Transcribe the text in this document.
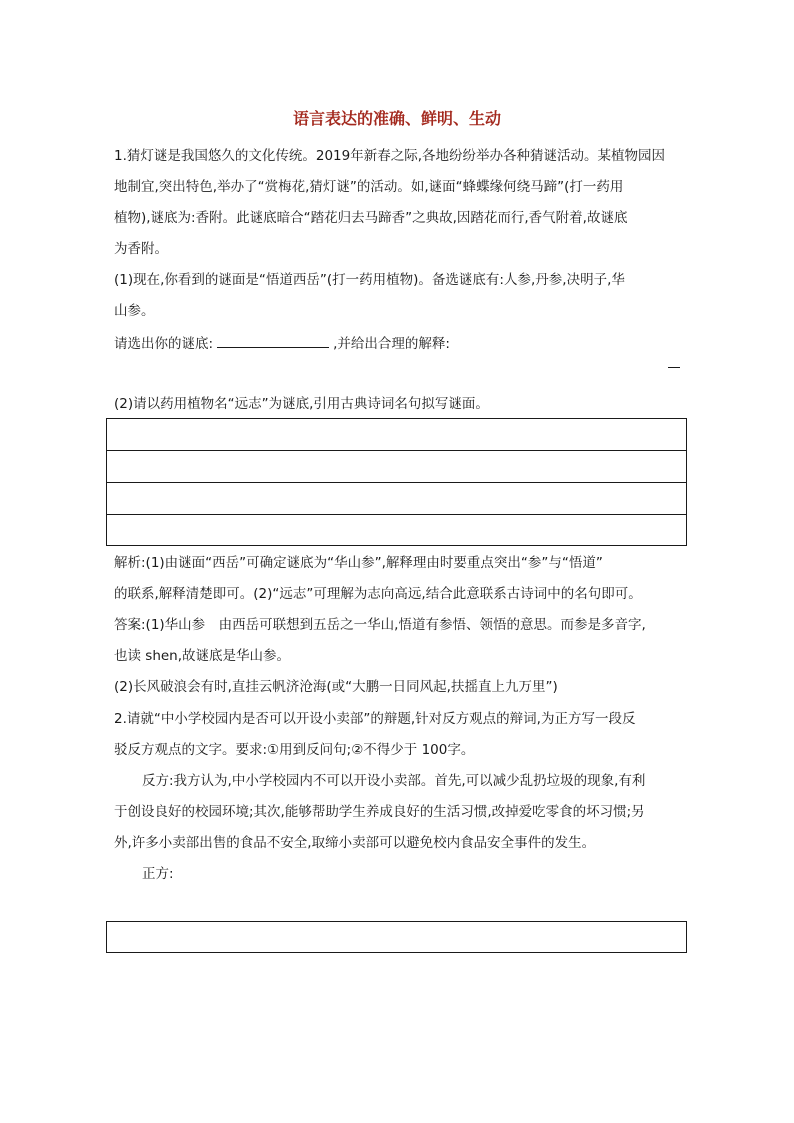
语言表达的准确、鲜明、生动
1.猜灯谜是我国悠久的文化传统。2019年新春之际,各地纷纷举办各种猜谜活动。某植物园因
地制宜,突出特色,举办了“赏梅花,猜灯谜”的活动。如,谜面“蜂蝶缘何绕马蹄”(打一药用
植物),谜底为:香附。此谜底暗合“踏花归去马蹄香”之典故,因踏花而行,香气附着,故谜底
为香附。
(1)现在,你看到的谜面是“悟道西岳”(打一药用植物)。备选谜底有:人参,丹参,决明子,华
山参。
请选出你的谜底:	,并给出合理的解释:
(2)请以药用植物名“远志”为谜底,引用古典诗词名句拟写谜面。
解析:(1)由谜面“西岳”可确定谜底为“华山参”,解释理由时要重点突出“参”与“悟道”
的联系,解释清楚即可。(2)“远志”可理解为志向高远,结合此意联系古诗词中的名句即可。
答案:(1)华山参　由西岳可联想到五岳之一华山,悟道有参悟、领悟的意思。而参是多音字,
也读 shen,故谜底是华山参。
(2)长风破浪会有时,直挂云帆济沧海(或“大鹏一日同风起,扶摇直上九万里”)
2.请就“中小学校园内是否可以开设小卖部”的辩题,针对反方观点的辩词,为正方写一段反
驳反方观点的文字。要求:①用到反问句;②不得少于 100字。
反方:我方认为,中小学校园内不可以开设小卖部。首先,可以减少乱扔垃圾的现象,有利
于创设良好的校园环境;其次,能够帮助学生养成良好的生活习惯,改掉爱吃零食的坏习惯;另
外,许多小卖部出售的食品不安全,取缔小卖部可以避免校内食品安全事件的发生。
正方:
